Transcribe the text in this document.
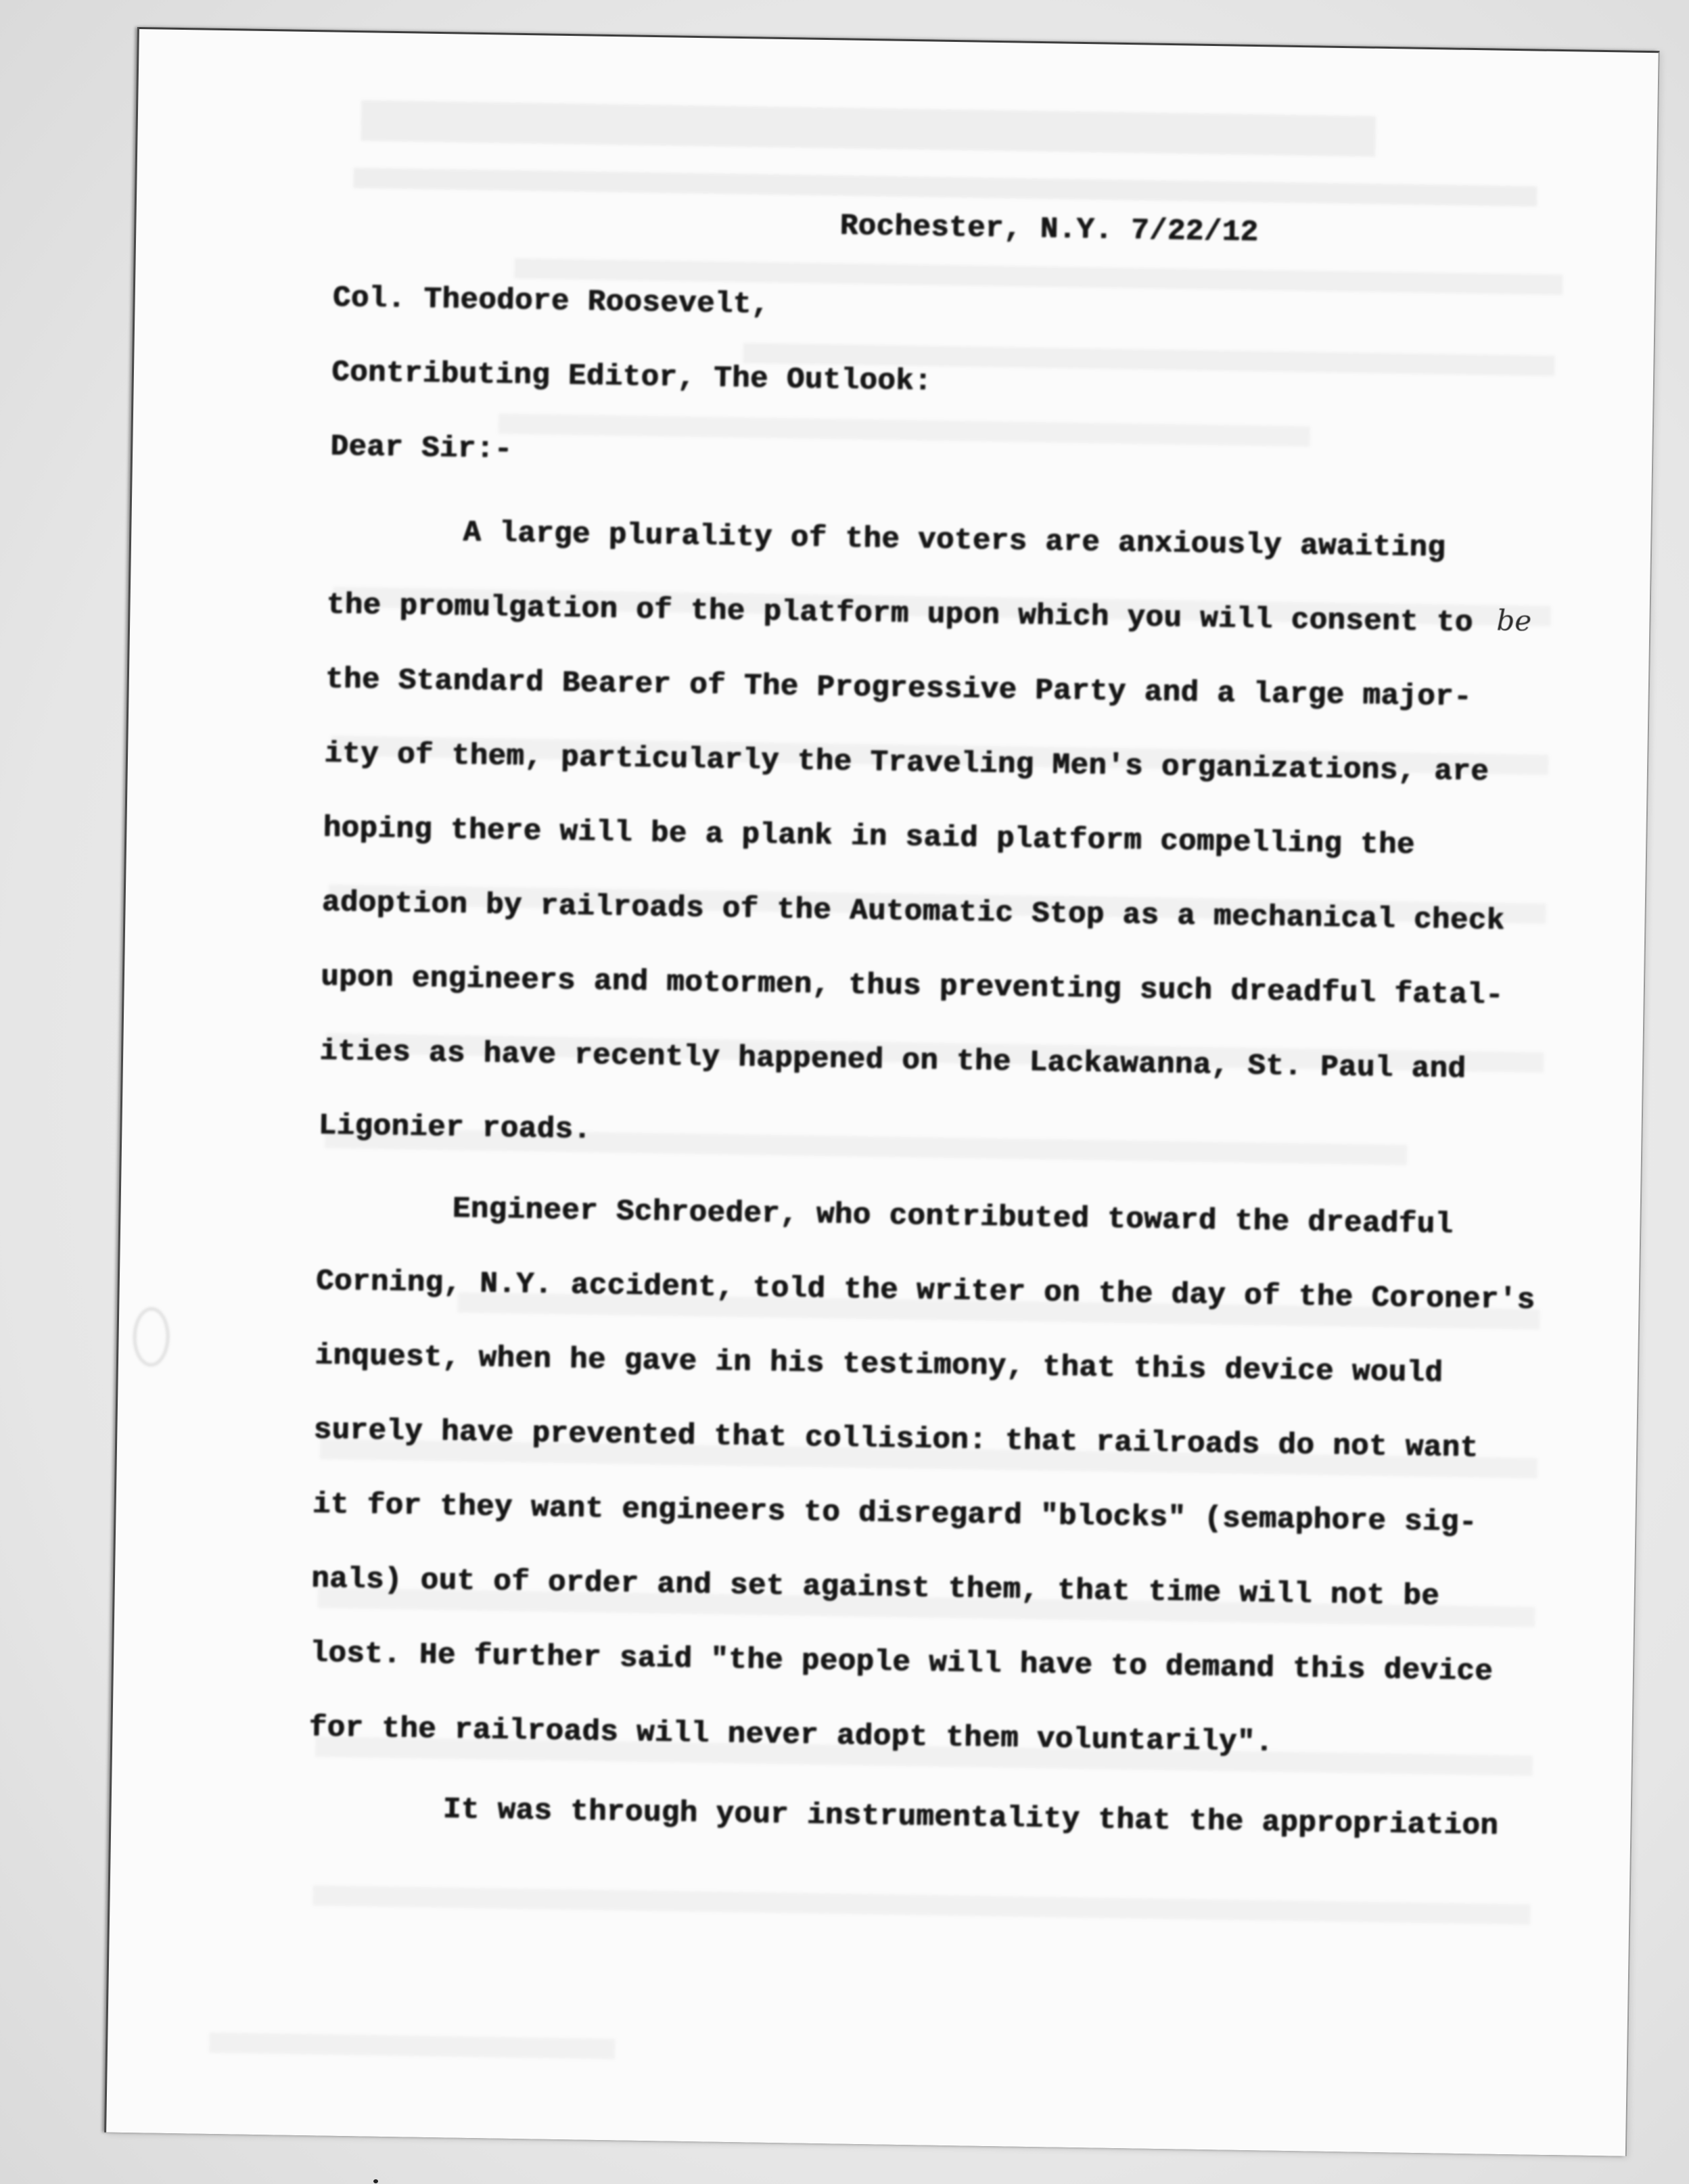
Rochester, N.Y. 7/22/12

Col. Theodore Roosevelt,

Contributing Editor, The Outlook:

Dear Sir:-

A large plurality of the voters are anxiously awaiting

the promulgation of the platform upon which you will consent to be

the Standard Bearer of The Progressive Party and a large major-

ity of them, particularly the Traveling Men's organizations, are

hoping there will be a plank in said platform compelling the

adoption by railroads of the Automatic Stop as a mechanical check

upon engineers and motormen, thus preventing such dreadful fatal-

ities as have recently happened on the Lackawanna, St. Paul and

Ligonier roads.

Engineer Schroeder, who contributed toward the dreadful

Corning, N.Y. accident, told the writer on the day of the Coroner's

inquest, when he gave in his testimony, that this device would

surely have prevented that collision: that railroads do not want

it for they want engineers to disregard "blocks" (semaphore sig-

nals) out of order and set against them, that time will not be

lost. He further said "the people will have to demand this device

for the railroads will never adopt them voluntarily".

It was through your instrumentality that the appropriation
